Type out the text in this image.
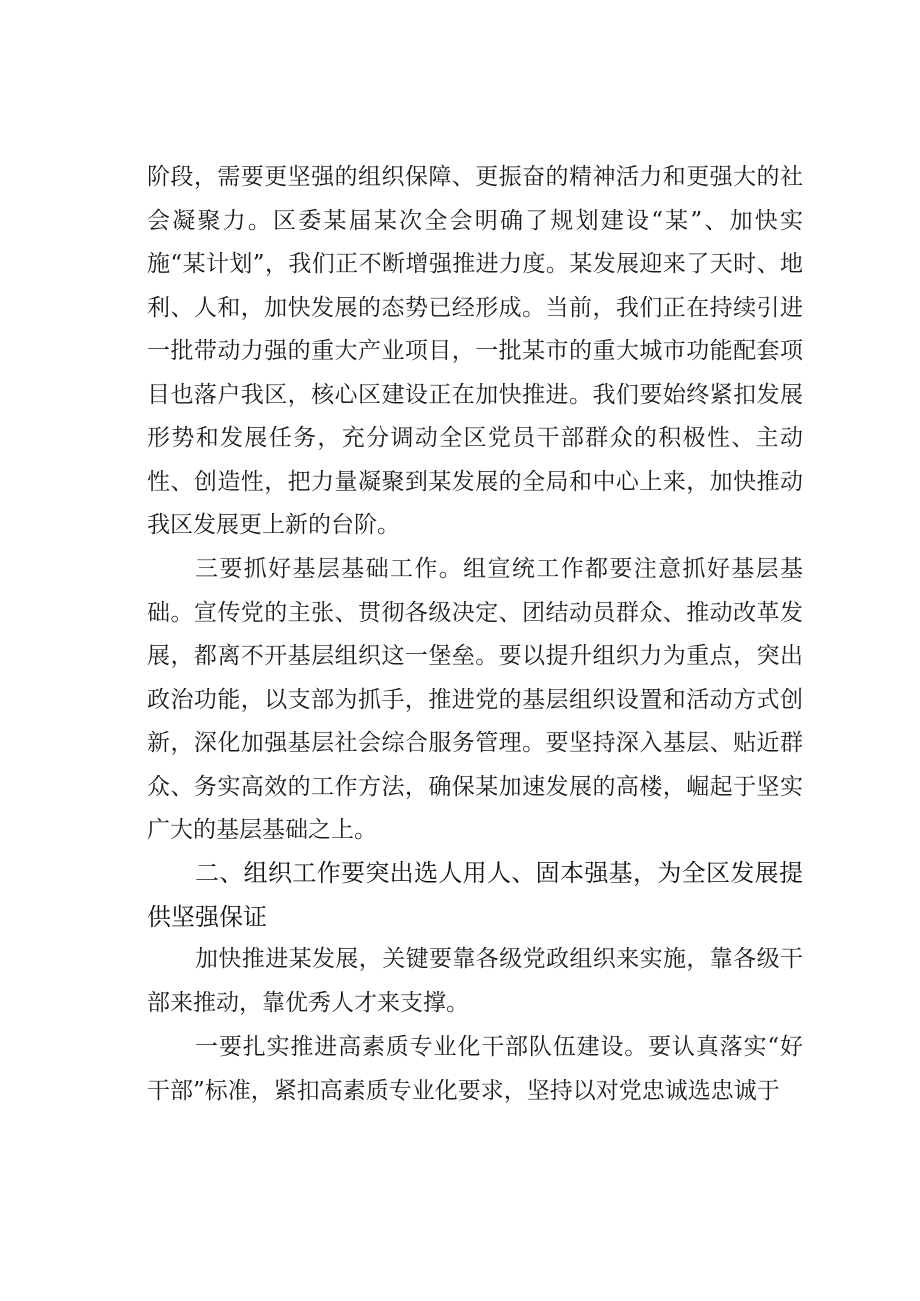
阶段，需要更坚强的组织保障、更振奋的精神活力和更强大的社会凝聚力。区委某届某次全会明确了规划建设“某”、加快实施“某计划”，我们正不断增强推进力度。某发展迎来了天时、地利、人和，加快发展的态势已经形成。当前，我们正在持续引进一批带动力强的重大产业项目，一批某市的重大城市功能配套项目也落户我区，核心区建设正在加快推进。我们要始终紧扣发展形势和发展任务，充分调动全区党员干部群众的积极性、主动性、创造性，把力量凝聚到某发展的全局和中心上来，加快推动我区发展更上新的台阶。

三要抓好基层基础工作。组宣统工作都要注意抓好基层基础。宣传党的主张、贯彻各级决定、团结动员群众、推动改革发展，都离不开基层组织这一堡垒。要以提升组织力为重点，突出政治功能，以支部为抓手，推进党的基层组织设置和活动方式创新，深化加强基层社会综合服务管理。要坚持深入基层、贴近群众、务实高效的工作方法，确保某加速发展的高楼，崛起于坚实广大的基层基础之上。

二、组织工作要突出选人用人、固本强基，为全区发展提供坚强保证

加快推进某发展，关键要靠各级党政组织来实施，靠各级干部来推动，靠优秀人才来支撑。

一要扎实推进高素质专业化干部队伍建设。要认真落实“好干部”标准，紧扣高素质专业化要求，坚持以对党忠诚选忠诚于
